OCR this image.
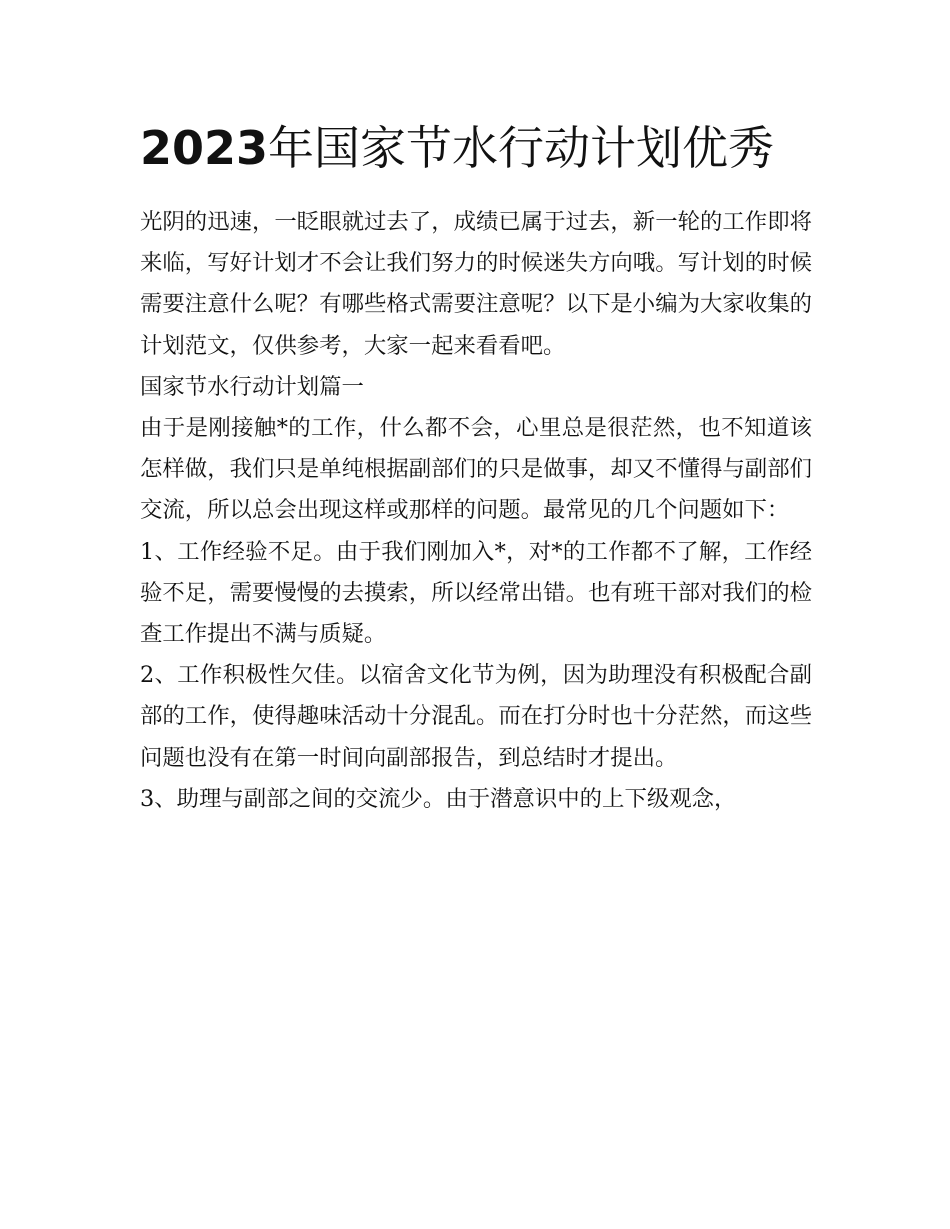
2023年国家节水行动计划优秀

光阴的迅速，一眨眼就过去了，成绩已属于过去，新一轮的工作即将来临，写好计划才不会让我们努力的时候迷失方向哦。写计划的时候需要注意什么呢？有哪些格式需要注意呢？以下是小编为大家收集的计划范文，仅供参考，大家一起来看看吧。

国家节水行动计划篇一

由于是刚接触*的工作，什么都不会，心里总是很茫然，也不知道该怎样做，我们只是单纯根据副部们的只是做事，却又不懂得与副部们交流，所以总会出现这样或那样的问题。最常见的几个问题如下：

1、工作经验不足。由于我们刚加入*，对*的工作都不了解，工作经验不足，需要慢慢的去摸索，所以经常出错。也有班干部对我们的检查工作提出不满与质疑。

2、工作积极性欠佳。以宿舍文化节为例，因为助理没有积极配合副部的工作，使得趣味活动十分混乱。而在打分时也十分茫然，而这些问题也没有在第一时间向副部报告，到总结时才提出。

3、助理与副部之间的交流少。由于潜意识中的上下级观念，
